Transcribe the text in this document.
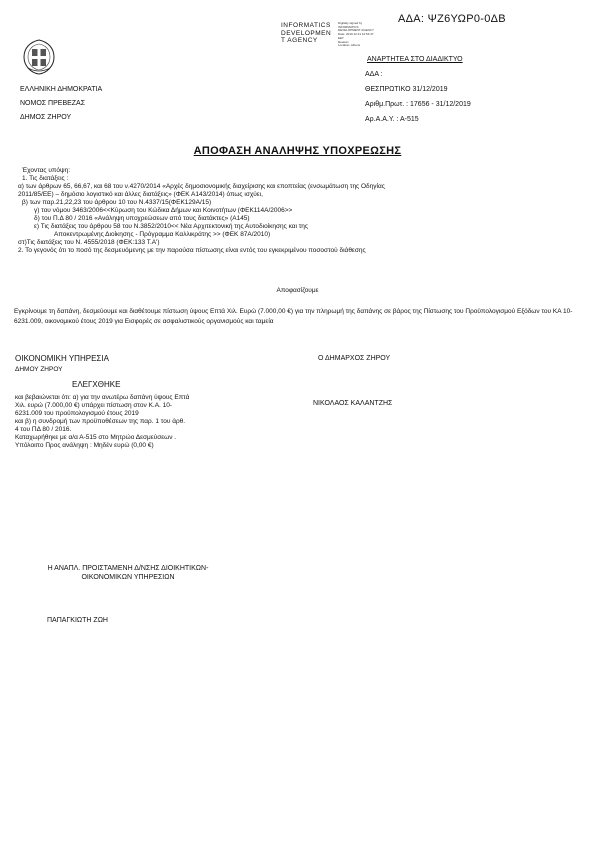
ΑΔΑ: ΨΖ6ΥΩΡ0-0ΔΒ
INFORMATICS
DEVELOPMEN
T AGENCY
Digitally signed by
INFORMATICS
DEVELOPMENT AGENCY
Date: 2019.12.31 12:54:37
EET
Reason:
Location: Athens
ΑΝΑΡΤΗΤΕΑ ΣΤΟ ΔΙΑΔΙΚΤΥΟ
ΕΛΛΗΝΙΚΗ ΔΗΜΟΚΡΑΤΙΑ
ΝΟΜΟΣ ΠΡΕΒΕΖΑΣ
ΔΗΜΟΣ ΖΗΡΟΥ
ΑΔΑ :
ΘΕΣΠΡΩΤΙΚΟ 31/12/2019
Αριθμ.Πρωτ. : 17656 - 31/12/2019
Αρ.Α.Α.Υ. : Α-515
ΑΠΟΦΑΣΗ ΑΝΑΛΗΨΗΣ ΥΠΟΧΡΕΩΣΗΣ
Έχοντας υπόψη:
1. Τις διατάξεις :
α) των άρθρων 65, 66,67, και 68 του ν.4270/2014 «Αρχές δημοσιονομικής διαχείρισης και εποπτείας (ενσωμάτωση της Οδηγίας
2011/85/ΕΕ) – δημόσιο λογιστικό και άλλες διατάξεις» (ΦΕΚ Α143/2014) όπως ισχύει,
β) των παρ.21,22,23 του άρθρου 10 του Ν.4337/15(ΦΕΚ129Α/15)
γ) του νόμου 3463/2006<<Κύρωση του Κώδικα Δήμων και Κοινοτήτων (ΦΕΚ114Α/2006>>
δ) του Π.Δ 80 / 2016 «Ανάληψη υποχρεώσεων από τους διατάκτες» (Α145)
ε) Τις διατάξεις του άρθρου 58 του Ν.3852/2010<< Νέα Αρχιτεκτονική της Αυτοδιοίκησης και της
Αποκεντρωμένης Διοίκησης - Πρόγραμμα Καλλικράτης >> (ΦΕΚ 87Α/2010)
στ)Τις διατάξεις του Ν. 4555/2018 (ΦΕΚ:133 Τ.Α')
2. Το γεγονός ότι το ποσό της δεσμευόμενης με την παρούσα πίστωσης είναι εντός του εγκεκριμένου ποσοστού διάθεσης
Αποφασίζουμε
Εγκρίνουμε τη δαπάνη, δεσμεύουμε και διαθέτουμε πίστωση ύψους Επτά Χιλ. Ευρώ (7.000,00 €) για την πληρωμή της δαπάνης σε βάρος της Πίστωσης του Προϋπολογισμού Εξόδων του ΚΑ 10-6231.009, οικονομικού έτους 2019 για Εισφορές σε ασφαλιστικούς οργανισμούς και ταμεία
ΟΙΚΟΝΟΜΙΚΗ ΥΠΗΡΕΣΙΑ
ΔΗΜΟΥ ΖΗΡΟΥ
ΕΛΕΓΧΘΗΚΕ
και βεβαιώνεται ότι: α) για την ανωτέρω δαπάνη ύψους Επτά
Χιλ. ευρώ (7.000,00 €) υπάρχει πίστωση στον Κ.Α. 10-
6231.009 του προϋπολογισμού έτους 2019
και β) η συνδρομή των προϋποθέσεων της παρ. 1 του άρθ.
4 του ΠΔ 80 / 2016.
Καταχωρήθηκε με α/α Α-515 στο Μητρώο Δεσμεύσεων .
Υπόλοιπο Προς ανάληψη : Μηδέν ευρώ (0,00 €)
Ο ΔΗΜΑΡΧΟΣ ΖΗΡΟΥ
ΝΙΚΟΛΑΟΣ ΚΑΛΑΝΤΖΗΣ
Η ΑΝΑΠΛ. ΠΡΟΙΣΤΑΜΕΝΗ Δ/ΝΣΗΣ ΔΙΟΙΚΗΤΙΚΩΝ-
ΟΙΚΟΝΟΜΙΚΩΝ ΥΠΗΡΕΣΙΩΝ
ΠΑΠΑΓΚΙΩΤΗ ΖΩΗ
